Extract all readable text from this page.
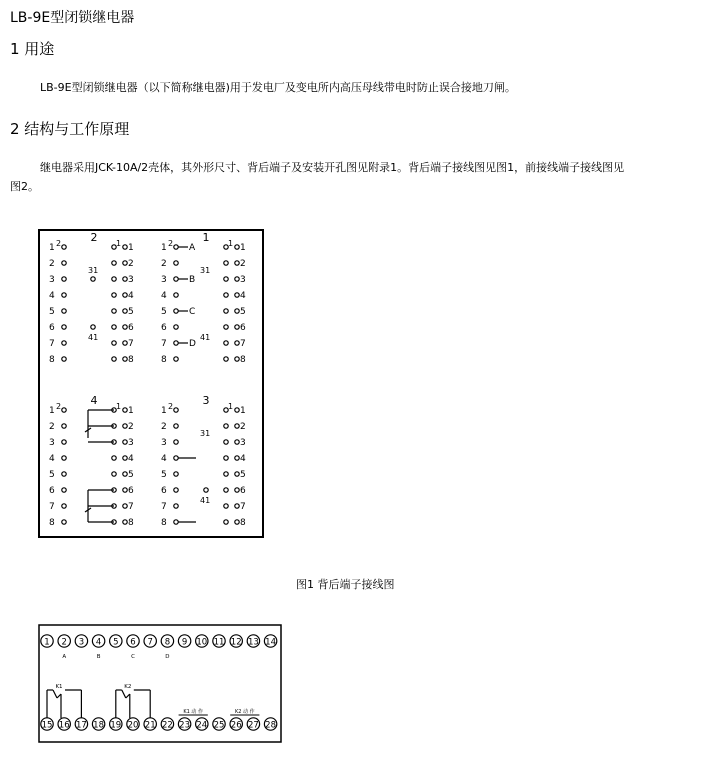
LB-9E型闭锁继电器
1 用途
LB-9E型闭锁继电器（以下简称继电器)用于发电厂及变电所内高压母线带电时防止误合接地刀闸。
2 结构与工作原理
继电器采用JCK-10A/2壳体，其外形尺寸、背后端子及安装开孔图见附录1。背后端子接线图见图1，前接线端子接线图见
图2。
1	1
2	2
3	3
4	4
5	5
6	6
7	7
8	8
2
2	1
31
41
1	1
2	2
3	3
4	4
5	5
6	6
7	7
8	8
1
2	1
31
41
A
B
C
D
1	1
2	2
3	3
4	4
5	5
6	6
7	7
8	8
4
2	1	1	1
2	2
3	3
4	4
5	5
6	6
7	7
8	8
3
2	1
31
41
图1 背后端子接线图
1 2 3 4 5 6 7 8 9 10 11 12 13 14
15 16 17 18 19 20 21 22 23 24 25 26 27 28
A	B	C	D
K1	K2
K1 动 作	K2 动 作
